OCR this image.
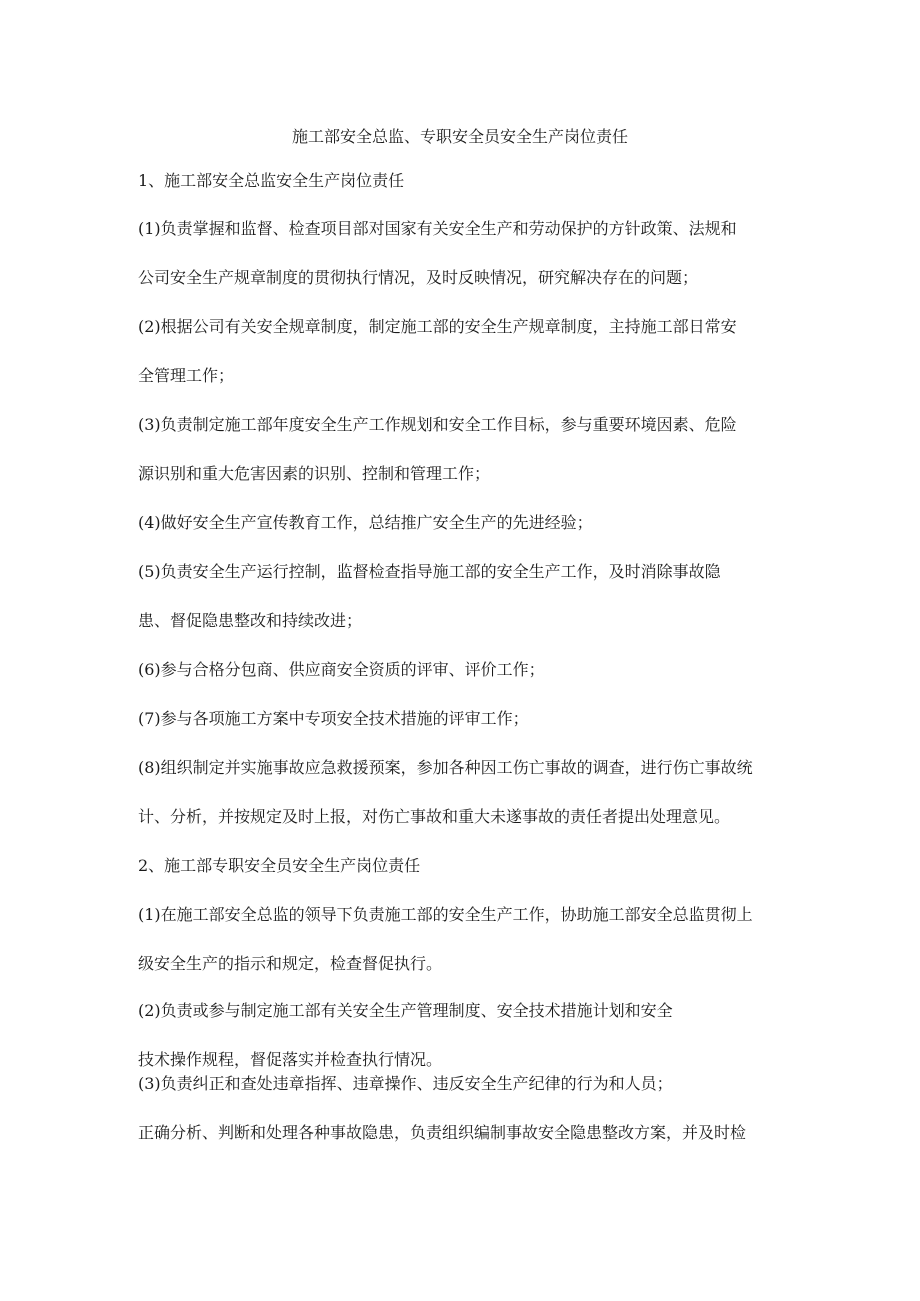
施工部安全总监、专职安全员安全生产岗位责任
1、施工部安全总监安全生产岗位责任
(1)负责掌握和监督、检查项目部对国家有关安全生产和劳动保护的方针政策、法规和
公司安全生产规章制度的贯彻执行情况，及时反映情况，研究解决存在的问题；
(2)根据公司有关安全规章制度，制定施工部的安全生产规章制度，主持施工部日常安
全管理工作；
(3)负责制定施工部年度安全生产工作规划和安全工作目标，参与重要环境因素、危险
源识别和重大危害因素的识别、控制和管理工作；
(4)做好安全生产宣传教育工作，总结推广安全生产的先进经验；
(5)负责安全生产运行控制，监督检查指导施工部的安全生产工作，及时消除事故隐
患、督促隐患整改和持续改进；
(6)参与合格分包商、供应商安全资质的评审、评价工作；
(7)参与各项施工方案中专项安全技术措施的评审工作；
(8)组织制定并实施事故应急救援预案，参加各种因工伤亡事故的调查，进行伤亡事故统
计、分析，并按规定及时上报，对伤亡事故和重大未遂事故的责任者提出处理意见。
2、施工部专职安全员安全生产岗位责任
(1)在施工部安全总监的领导下负责施工部的安全生产工作，协助施工部安全总监贯彻上
级安全生产的指示和规定，检查督促执行。
(2)负责或参与制定施工部有关安全生产管理制度、安全技术措施计划和安全
技术操作规程，督促落实并检查执行情况。
(3)负责纠正和查处违章指挥、违章操作、违反安全生产纪律的行为和人员；
正确分析、判断和处理各种事故隐患，负责组织编制事故安全隐患整改方案，并及时检
